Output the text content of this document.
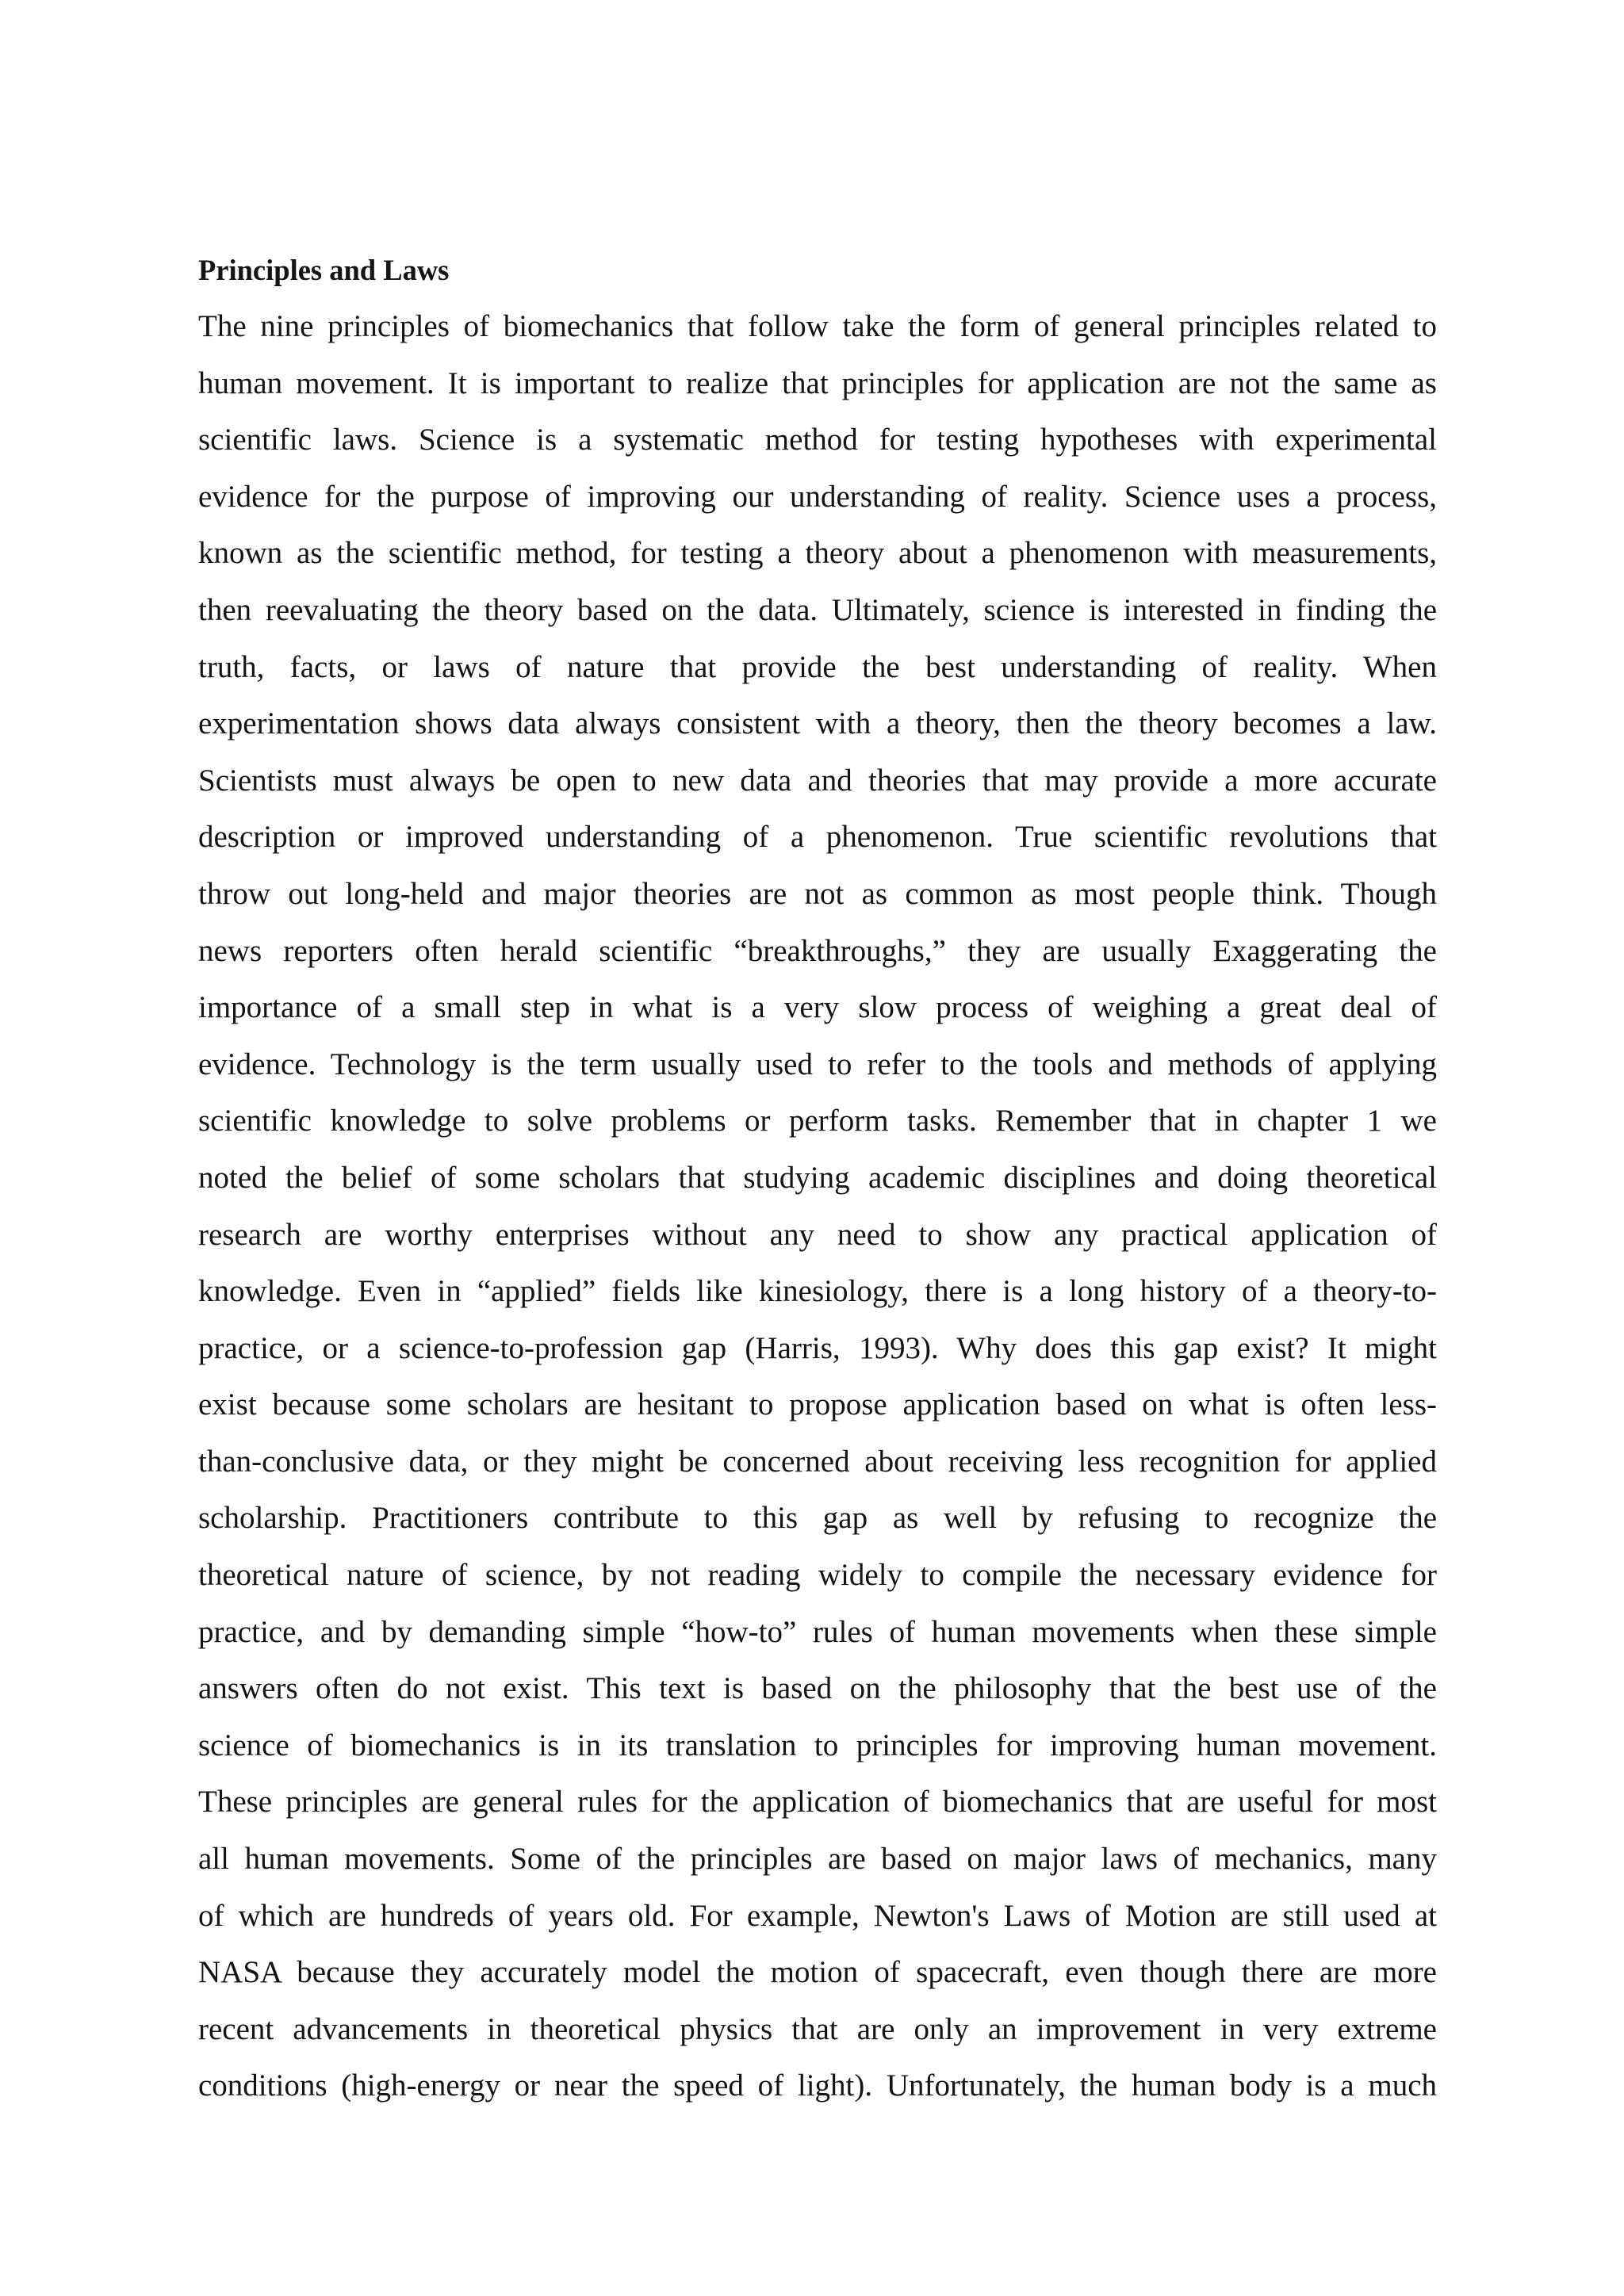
Principles and Laws
The nine principles of biomechanics that follow take the form of general principles related to
human movement. It is important to realize that principles for application are not the same as
scientific laws. Science is a systematic method for testing hypotheses with experimental
evidence for the purpose of improving our understanding of reality. Science uses a process,
known as the scientific method, for testing a theory about a phenomenon with measurements,
then reevaluating the theory based on the data. Ultimately, science is interested in finding the
truth, facts, or laws of nature that provide the best understanding of reality. When
experimentation shows data always consistent with a theory, then the theory becomes a law.
Scientists must always be open to new data and theories that may provide a more accurate
description or improved understanding of a phenomenon. True scientific revolutions that
throw out long-held and major theories are not as common as most people think. Though
news reporters often herald scientific “breakthroughs,” they are usually Exaggerating the
importance of a small step in what is a very slow process of weighing a great deal of
evidence. Technology is the term usually used to refer to the tools and methods of applying
scientific knowledge to solve problems or perform tasks. Remember that in chapter 1 we
noted the belief of some scholars that studying academic disciplines and doing theoretical
research are worthy enterprises without any need to show any practical application of
knowledge. Even in “applied” fields like kinesiology, there is a long history of a theory-to-
practice, or a science-to-profession gap (Harris, 1993). Why does this gap exist? It might
exist because some scholars are hesitant to propose application based on what is often less-
than-conclusive data, or they might be concerned about receiving less recognition for applied
scholarship. Practitioners contribute to this gap as well by refusing to recognize the
theoretical nature of science, by not reading widely to compile the necessary evidence for
practice, and by demanding simple “how-to” rules of human movements when these simple
answers often do not exist. This text is based on the philosophy that the best use of the
science of biomechanics is in its translation to principles for improving human movement.
These principles are general rules for the application of biomechanics that are useful for most
all human movements. Some of the principles are based on major laws of mechanics, many
of which are hundreds of years old. For example, Newton's Laws of Motion are still used at
NASA because they accurately model the motion of spacecraft, even though there are more
recent advancements in theoretical physics that are only an improvement in very extreme
conditions (high-energy or near the speed of light). Unfortunately, the human body is a much
